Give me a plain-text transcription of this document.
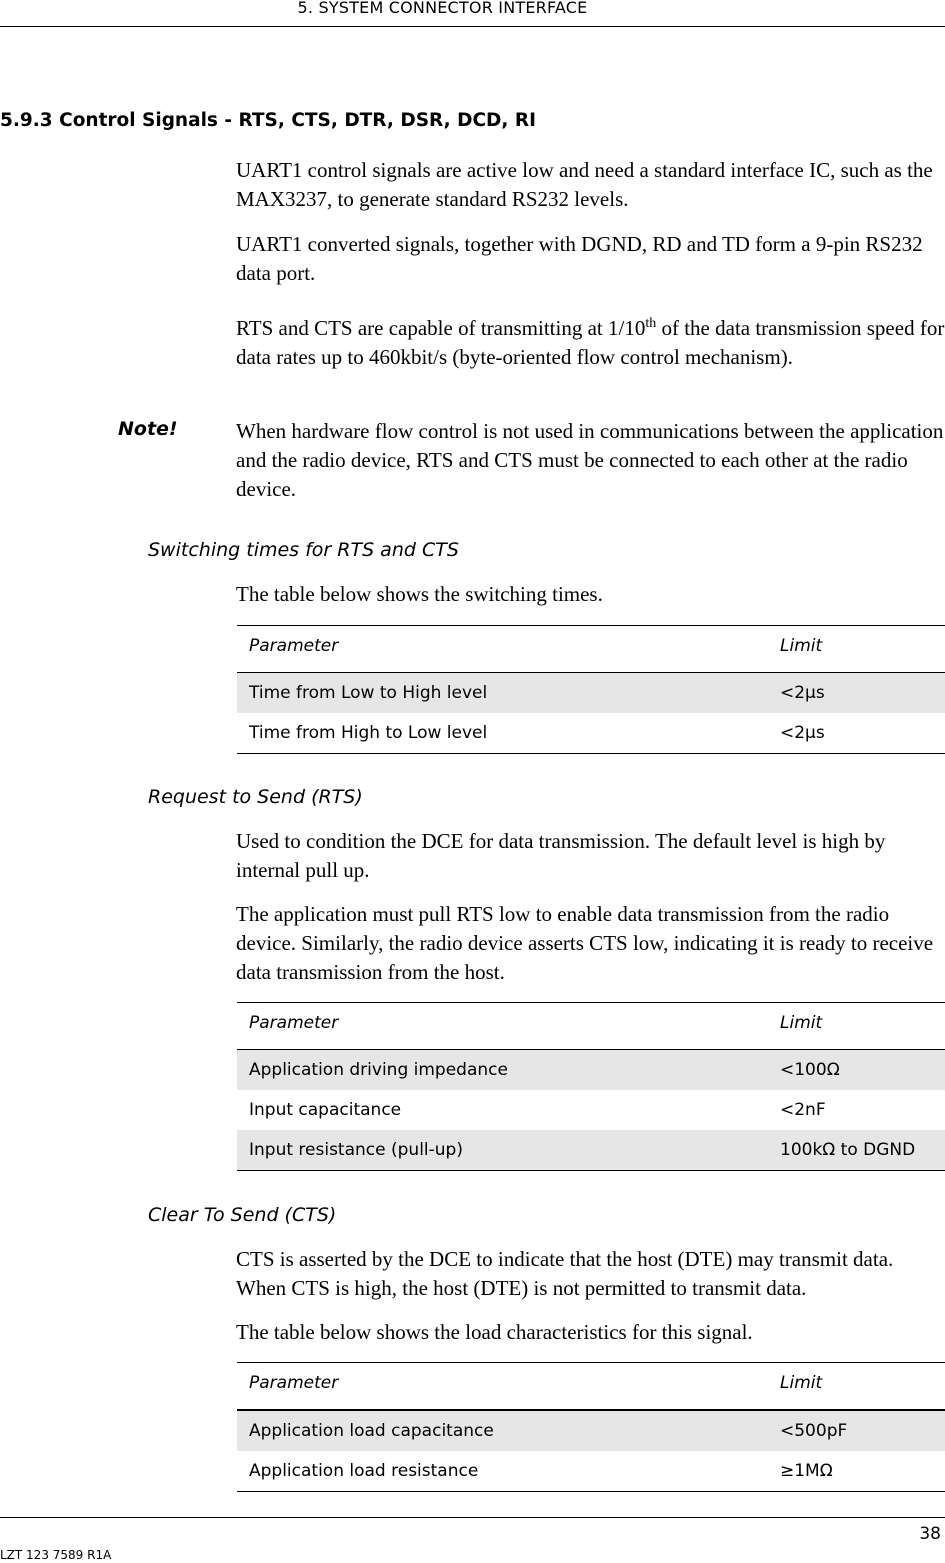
5. SYSTEM CONNECTOR INTERFACE
5.9.3 Control Signals - RTS, CTS, DTR, DSR, DCD, RI

UART1 control signals are active low and need a standard interface IC, such as the MAX3237, to generate standard RS232 levels.

UART1 converted signals, together with DGND, RD and TD form a 9-pin RS232 data port.

RTS and CTS are capable of transmitting at 1/10th of the data transmission speed for data rates up to 460kbit/s (byte-oriented flow control mechanism).

Note!	When hardware flow control is not used in communications between the application and the radio device, RTS and CTS must be connected to each other at the radio device.

Switching times for RTS and CTS

The table below shows the switching times.

Parameter	Limit
Time from Low to High level	<2µs
Time from High to Low level	<2µs
Request to Send (RTS)

Used to condition the DCE for data transmission. The default level is high by internal pull up.

The application must pull RTS low to enable data transmission from the radio device. Similarly, the radio device asserts CTS low, indicating it is ready to receive data transmission from the host.

Parameter	Limit
Application driving impedance	<100Ω
Input capacitance	<2nF
Input resistance (pull-up)	100kΩ to DGND
Clear To Send (CTS)

CTS is asserted by the DCE to indicate that the host (DTE) may transmit data. When CTS is high, the host (DTE) is not permitted to transmit data.

The table below shows the load characteristics for this signal.

Parameter	Limit
Application load capacitance	<500pF
Application load resistance	≥1MΩ
38
LZT 123 7589 R1A
